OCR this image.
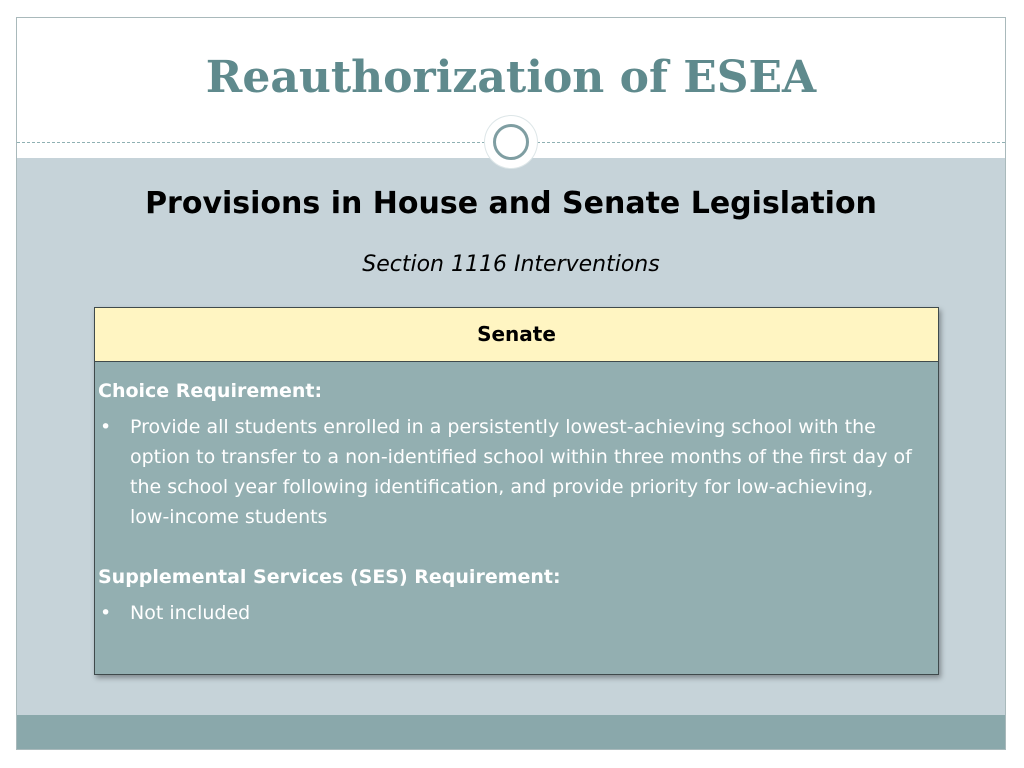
Reauthorization of ESEA
Provisions in House and Senate Legislation

Section 1116 Interventions

Senate

Choice Requirement:

• Provide all students enrolled in a persistently lowest-achieving school with the option to transfer to a non-identified school within three months of the first day of the school year following identification, and provide priority for low-achieving, low-income students

Supplemental Services (SES) Requirement:

• Not included
